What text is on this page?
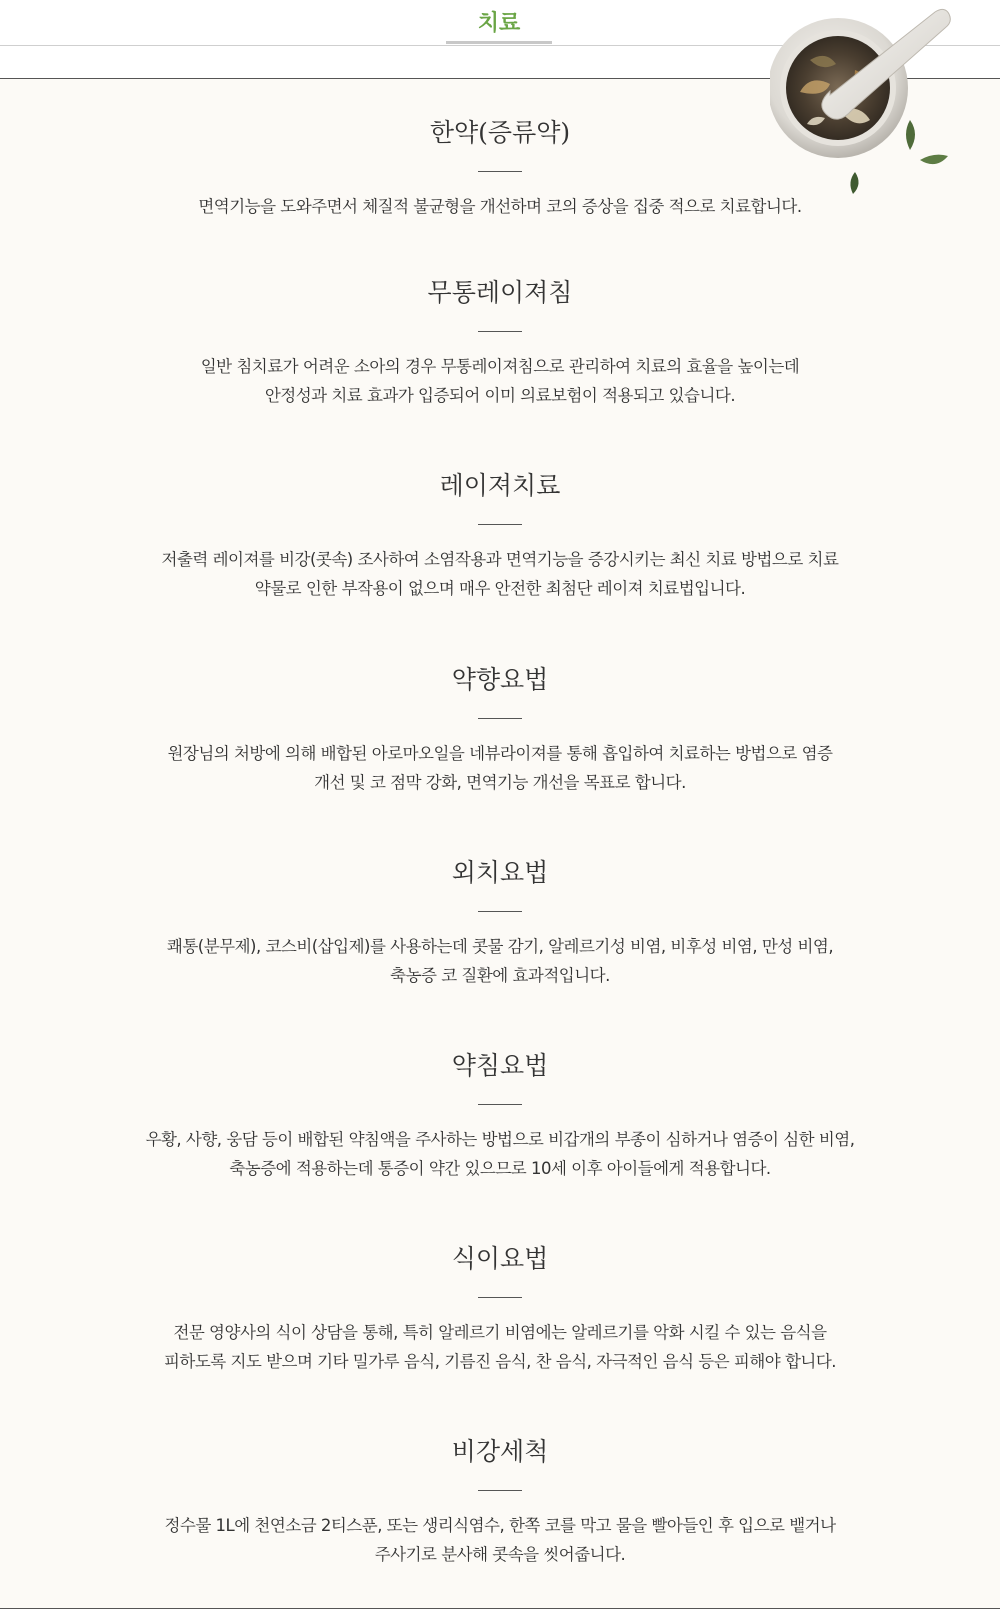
치료
한약(증류약)
면역기능을 도와주면서 체질적 불균형을 개선하며 코의 증상을 집중 적으로 치료합니다.
무통레이져침
일반 침치료가 어려운 소아의 경우 무통레이져침으로 관리하여 치료의 효율을 높이는데
안정성과 치료 효과가 입증되어 이미 의료보험이 적용되고 있습니다.
레이져치료
저출력 레이져를 비강(콧속) 조사하여 소염작용과 면역기능을 증강시키는 최신 치료 방법으로 치료
약물로 인한 부작용이 없으며 매우 안전한 최첨단 레이져 치료법입니다.
약향요법
원장님의 처방에 의해 배합된 아로마오일을 네뷰라이져를 통해 흡입하여 치료하는 방법으로 염증
개선 및 코 점막 강화, 면역기능 개선을 목표로 합니다.
외치요법
쾌통(분무제), 코스비(삽입제)를 사용하는데 콧물 감기, 알레르기성 비염, 비후성 비염, 만성 비염,
축농증 코 질환에 효과적입니다.
약침요법
우황, 사향, 웅담 등이 배합된 약침액을 주사하는 방법으로 비갑개의 부종이 심하거나 염증이 심한 비염,
축농증에 적용하는데 통증이 약간 있으므로 10세 이후 아이들에게 적용합니다.
식이요법
전문 영양사의 식이 상담을 통해, 특히 알레르기 비염에는 알레르기를 악화 시킬 수 있는 음식을
피하도록 지도 받으며 기타 밀가루 음식, 기름진 음식, 찬 음식, 자극적인 음식 등은 피해야 합니다.
비강세척
정수물 1L에 천연소금 2티스푼, 또는 생리식염수, 한쪽 코를 막고 물을 빨아들인 후 입으로 뱉거나
주사기로 분사해 콧속을 씻어줍니다.
